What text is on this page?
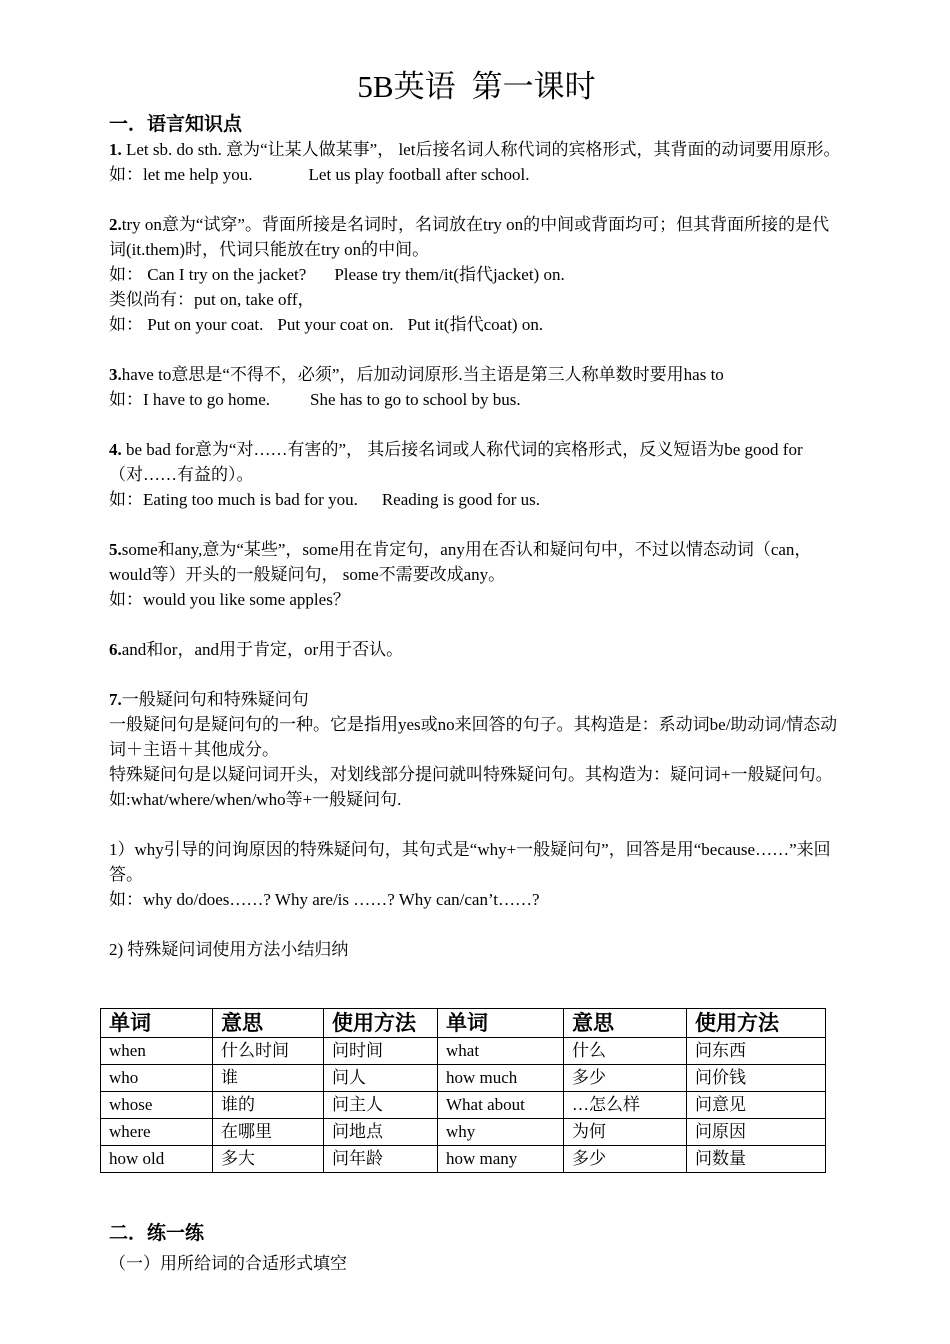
5B英语 第一课时
一．语言知识点

1. Let sb. do sth. 意为“让某人做某事”， let后接名词人称代词的宾格形式，其背面的动词要用原形。

如：let me help you.	Let us play football after school.

2.try on意为“试穿”。背面所接是名词时，名词放在try on的中间或背面均可；但其背面所接的是代词(it.them)时，代词只能放在try on的中间。

如： Can I try on the jacket? Please try them/it(指代jacket) on.

类似尚有：put on, take off，

如： Put on your coat. Put your coat on. Put it(指代coat) on.

3.have to意思是“不得不，必须”，后加动词原形.当主语是第三人称单数时要用has to

如：I have to go home. She has to go to school by bus.

4. be bad for意为“对……有害的”， 其后接名词或人称代词的宾格形式，反义短语为be good for（对……有益的）。

如：Eating too much is bad for you. Reading is good for us.

5.some和any,意为“某些”，some用在肯定句，any用在否认和疑问句中，不过以情态动词（can， would等）开头的一般疑问句， some不需要改成any。

如：would you like some apples？

6.and和or，and用于肯定，or用于否认。

7.一般疑问句和特殊疑问句

一般疑问句是疑问句的一种。它是指用yes或no来回答的句子。其构造是：系动词be/助动词/情态动词＋主语＋其他成分。

特殊疑问句是以疑问词开头，对划线部分提问就叫特殊疑问句。其构造为：疑问词+一般疑问句。如:what/where/when/who等+一般疑问句.

1）why引导的问询原因的特殊疑问句，其句式是“why+一般疑问句”，回答是用“because……”来回答。

如：why do/does……? Why are/is ……? Why can/can’t……?

2) 特殊疑问词使用方法小结归纳

单词	意思	使用方法	单词	意思	使用方法
when	什么时间	问时间	what	什么	问东西
who	谁	问人	how much	多少	问价钱
whose	谁的	问主人	What about	…怎么样	问意见
where	在哪里	问地点	why	为何	问原因
how old	多大	问年龄	how many	多少	问数量
二．练一练

（一）用所给词的合适形式填空
